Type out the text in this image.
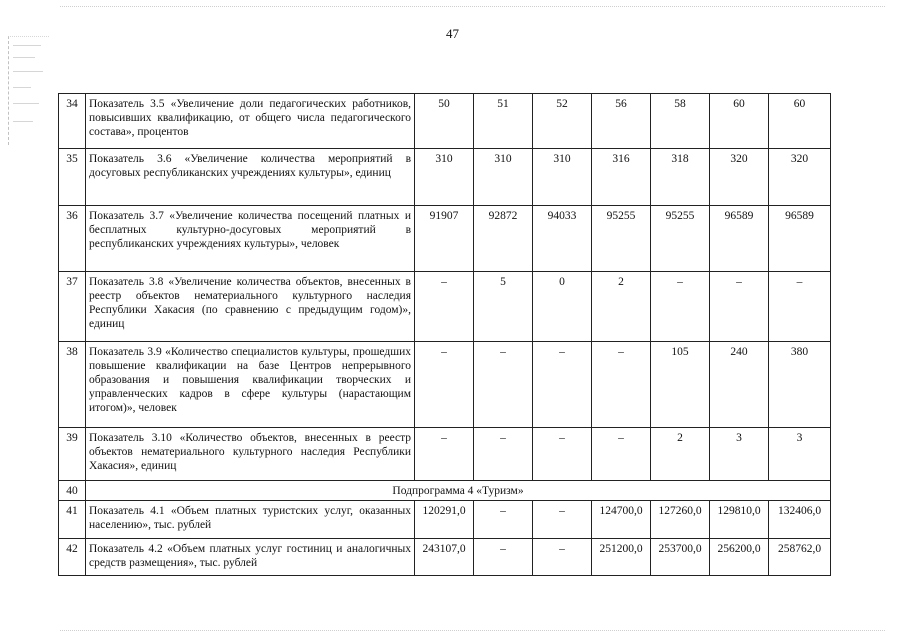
47
34	Показатель 3.5 «Увеличение доли педагогических работников, повысивших квалификацию, от общего числа педагогического состава», процентов	50	51	52	56	58	60	60
35	Показатель 3.6 «Увеличение количества мероприятий в досуговых республиканских учреждениях культуры», единиц	310	310	310	316	318	320	320
36	Показатель 3.7 «Увеличение количества посещений платных и бесплатных культурно-досуговых мероприятий в республиканских учреждениях культуры», человек	91907	92872	94033	95255	95255	96589	96589
37	Показатель 3.8 «Увеличение количества объектов, внесенных в реестр объектов нематериального культурного наследия Республики Хакасия (по сравнению с предыдущим годом)», единиц	–	5	0	2	–	–	–
38	Показатель 3.9 «Количество специалистов культуры, прошедших повышение квалификации на базе Центров непрерывного образования и повышения квалификации творческих и управленческих кадров в сфере культуры (нарастающим итогом)», человек	–	–	–	–	105	240	380
39	Показатель 3.10 «Количество объектов, внесенных в реестр объектов нематериального культурного наследия Республики Хакасия», единиц	–	–	–	–	2	3	3
40	Подпрограмма 4 «Туризм»							
41	Показатель 4.1 «Объем платных туристских услуг, оказанных населению», тыс. рублей	120291,0	–	–	124700,0	127260,0	129810,0	132406,0
42	Показатель 4.2 «Объем платных услуг гостиниц и аналогичных средств размещения», тыс. рублей	243107,0	–	–	251200,0	253700,0	256200,0	258762,0
